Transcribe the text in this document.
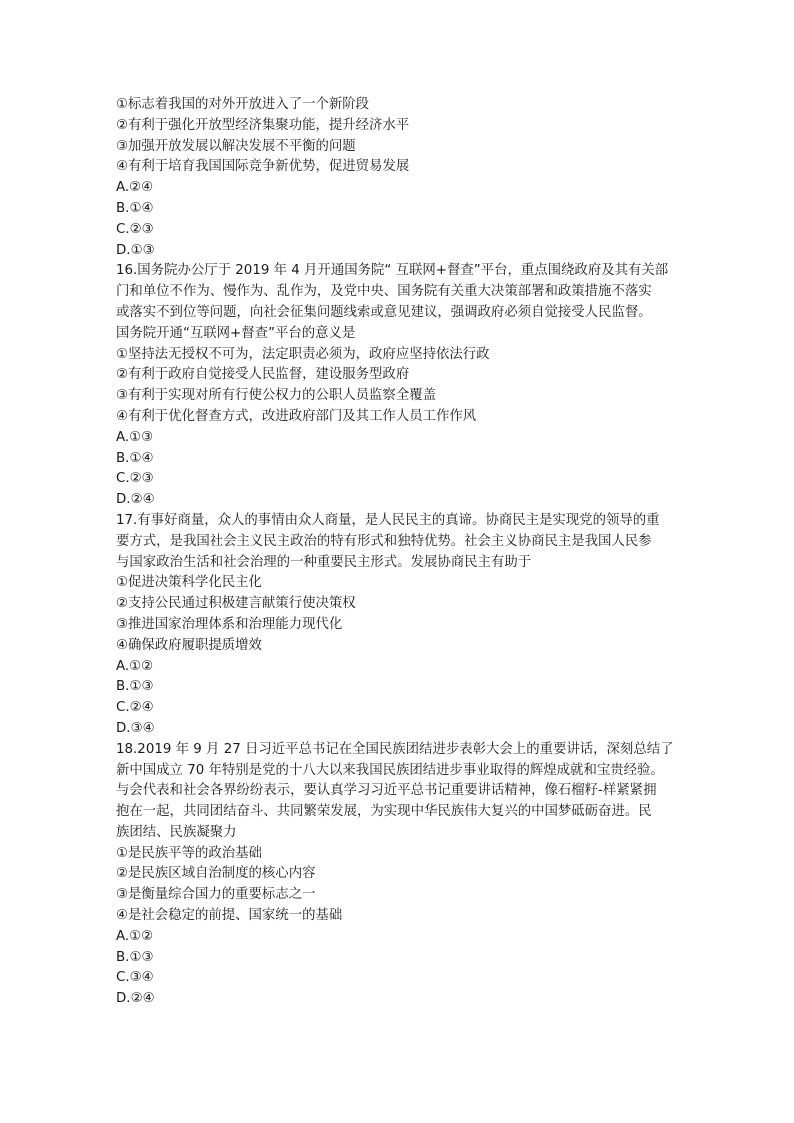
①标志着我国的对外开放进入了一个新阶段
②有利于强化开放型经济集聚功能，提升经济水平
③加强开放发展以解决发展不平衡的问题
④有利于培育我国国际竞争新优势，促进贸易发展
A.②④
B.①④
C.②③
D.①③
16.国务院办公厅于 2019 年 4 月开通国务院“ 互联网+督查”平台，重点围绕政府及其有关部
门和单位不作为、慢作为、乱作为，及党中央、国务院有关重大决策部署和政策措施不落实
或落实不到位等问题，向社会征集问题线索或意见建议，强调政府必须自觉接受人民监督。
国务院开通“互联网+督查”平台的意义是
①坚持法无授权不可为，法定职责必须为，政府应坚持依法行政
②有利于政府自觉接受人民监督，建设服务型政府
③有利于实现对所有行使公权力的公职人员监察全覆盖
④有利于优化督查方式，改进政府部门及其工作人员工作作风
A.①③
B.①④
C.②③
D.②④
17.有事好商量，众人的事情由众人商量，是人民民主的真谛。协商民主是实现党的领导的重
要方式，是我国社会主义民主政治的特有形式和独特优势。社会主义协商民主是我国人民参
与国家政治生活和社会治理的一种重要民主形式。发展协商民主有助于
①促进决策科学化民主化
②支持公民通过积极建言献策行使决策权
③推进国家治理体系和治理能力现代化
④确保政府履职提质增效
A.①②
B.①③
C.②④
D.③④
18.2019 年 9 月 27 日习近平总书记在全国民族团结进步表彰大会上的重要讲话，深刻总结了
新中国成立 70 年特别是党的十八大以来我国民族团结进步事业取得的辉煌成就和宝贵经验。
与会代表和社会各界纷纷表示，要认真学习习近平总书记重要讲话精神，像石榴籽-样紧紧拥
抱在一起，共同团结奋斗、共同繁荣发展，为实现中华民族伟大复兴的中国梦砥砺奋进。民
族团结、民族凝聚力
①是民族平等的政治基础
②是民族区域自治制度的核心内容
③是衡量综合国力的重要标志之一
④是社会稳定的前提、国家统一的基础
A.①②
B.①③
C.③④
D.②④
